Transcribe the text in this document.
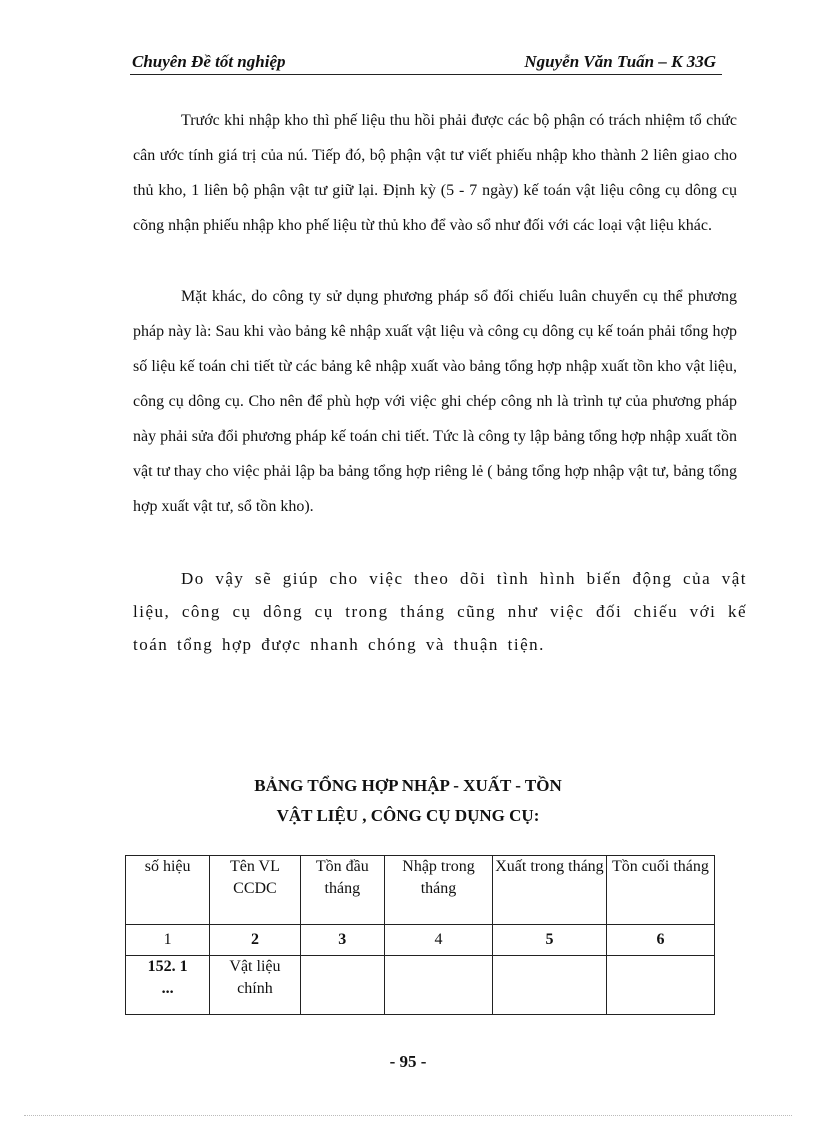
Chuyên Đề tốt nghiệp	Nguyễn Văn Tuấn – K 33G

Trước khi nhập kho thì phế liệu thu hồi phải được các bộ phận có trách nhiệm tổ chức cân ước tính giá trị của nú. Tiếp đó, bộ phận vật tư viết phiếu nhập kho thành 2 liên giao cho thủ kho, 1 liên bộ phận vật tư giữ lại. Định kỳ (5 - 7 ngày) kế toán vật liệu công cụ dông cụ cõng nhận phiếu nhập kho phế liệu từ thủ kho để vào sổ như đối với các loại vật liệu khác.

Mặt khác, do công ty sử dụng phương pháp sổ đối chiếu luân chuyển cụ thể phương pháp này là: Sau khi vào bảng kê nhập xuất vật liệu và công cụ dông cụ kế toán phải tổng hợp số liệu kế toán chi tiết từ các bảng kê nhập xuất vào bảng tổng hợp nhập xuất tồn kho vật liệu, công cụ dông cụ. Cho nên để phù hợp với việc ghi chép công nh là trình tự của phương pháp này phải sửa đổi phương pháp kế toán chi tiết. Tức là công ty lập bảng tổng hợp nhập xuất tồn vật tư thay cho việc phải lập ba bảng tổng hợp riêng lẻ ( bảng tổng hợp nhập vật tư, bảng tổng hợp xuất vật tư, sổ tồn kho).

Do vậy sẽ giúp cho việc theo dõi tình hình biến động của vật liệu, công cụ dông cụ trong tháng cũng như việc đối chiếu với kế toán tổng hợp được nhanh chóng và thuận tiện.

BẢNG TỔNG HỢP NHẬP - XUẤT - TỒN
VẬT LIỆU , CÔNG CỤ DỤNG CỤ:
số hiệu	Tên VL CCDC	Tồn đầu tháng	Nhập trong tháng	Xuất trong tháng	Tồn cuối tháng
1	2	3	4	5	6

152. 1
...	Vật liệu chính				
- 95 -
